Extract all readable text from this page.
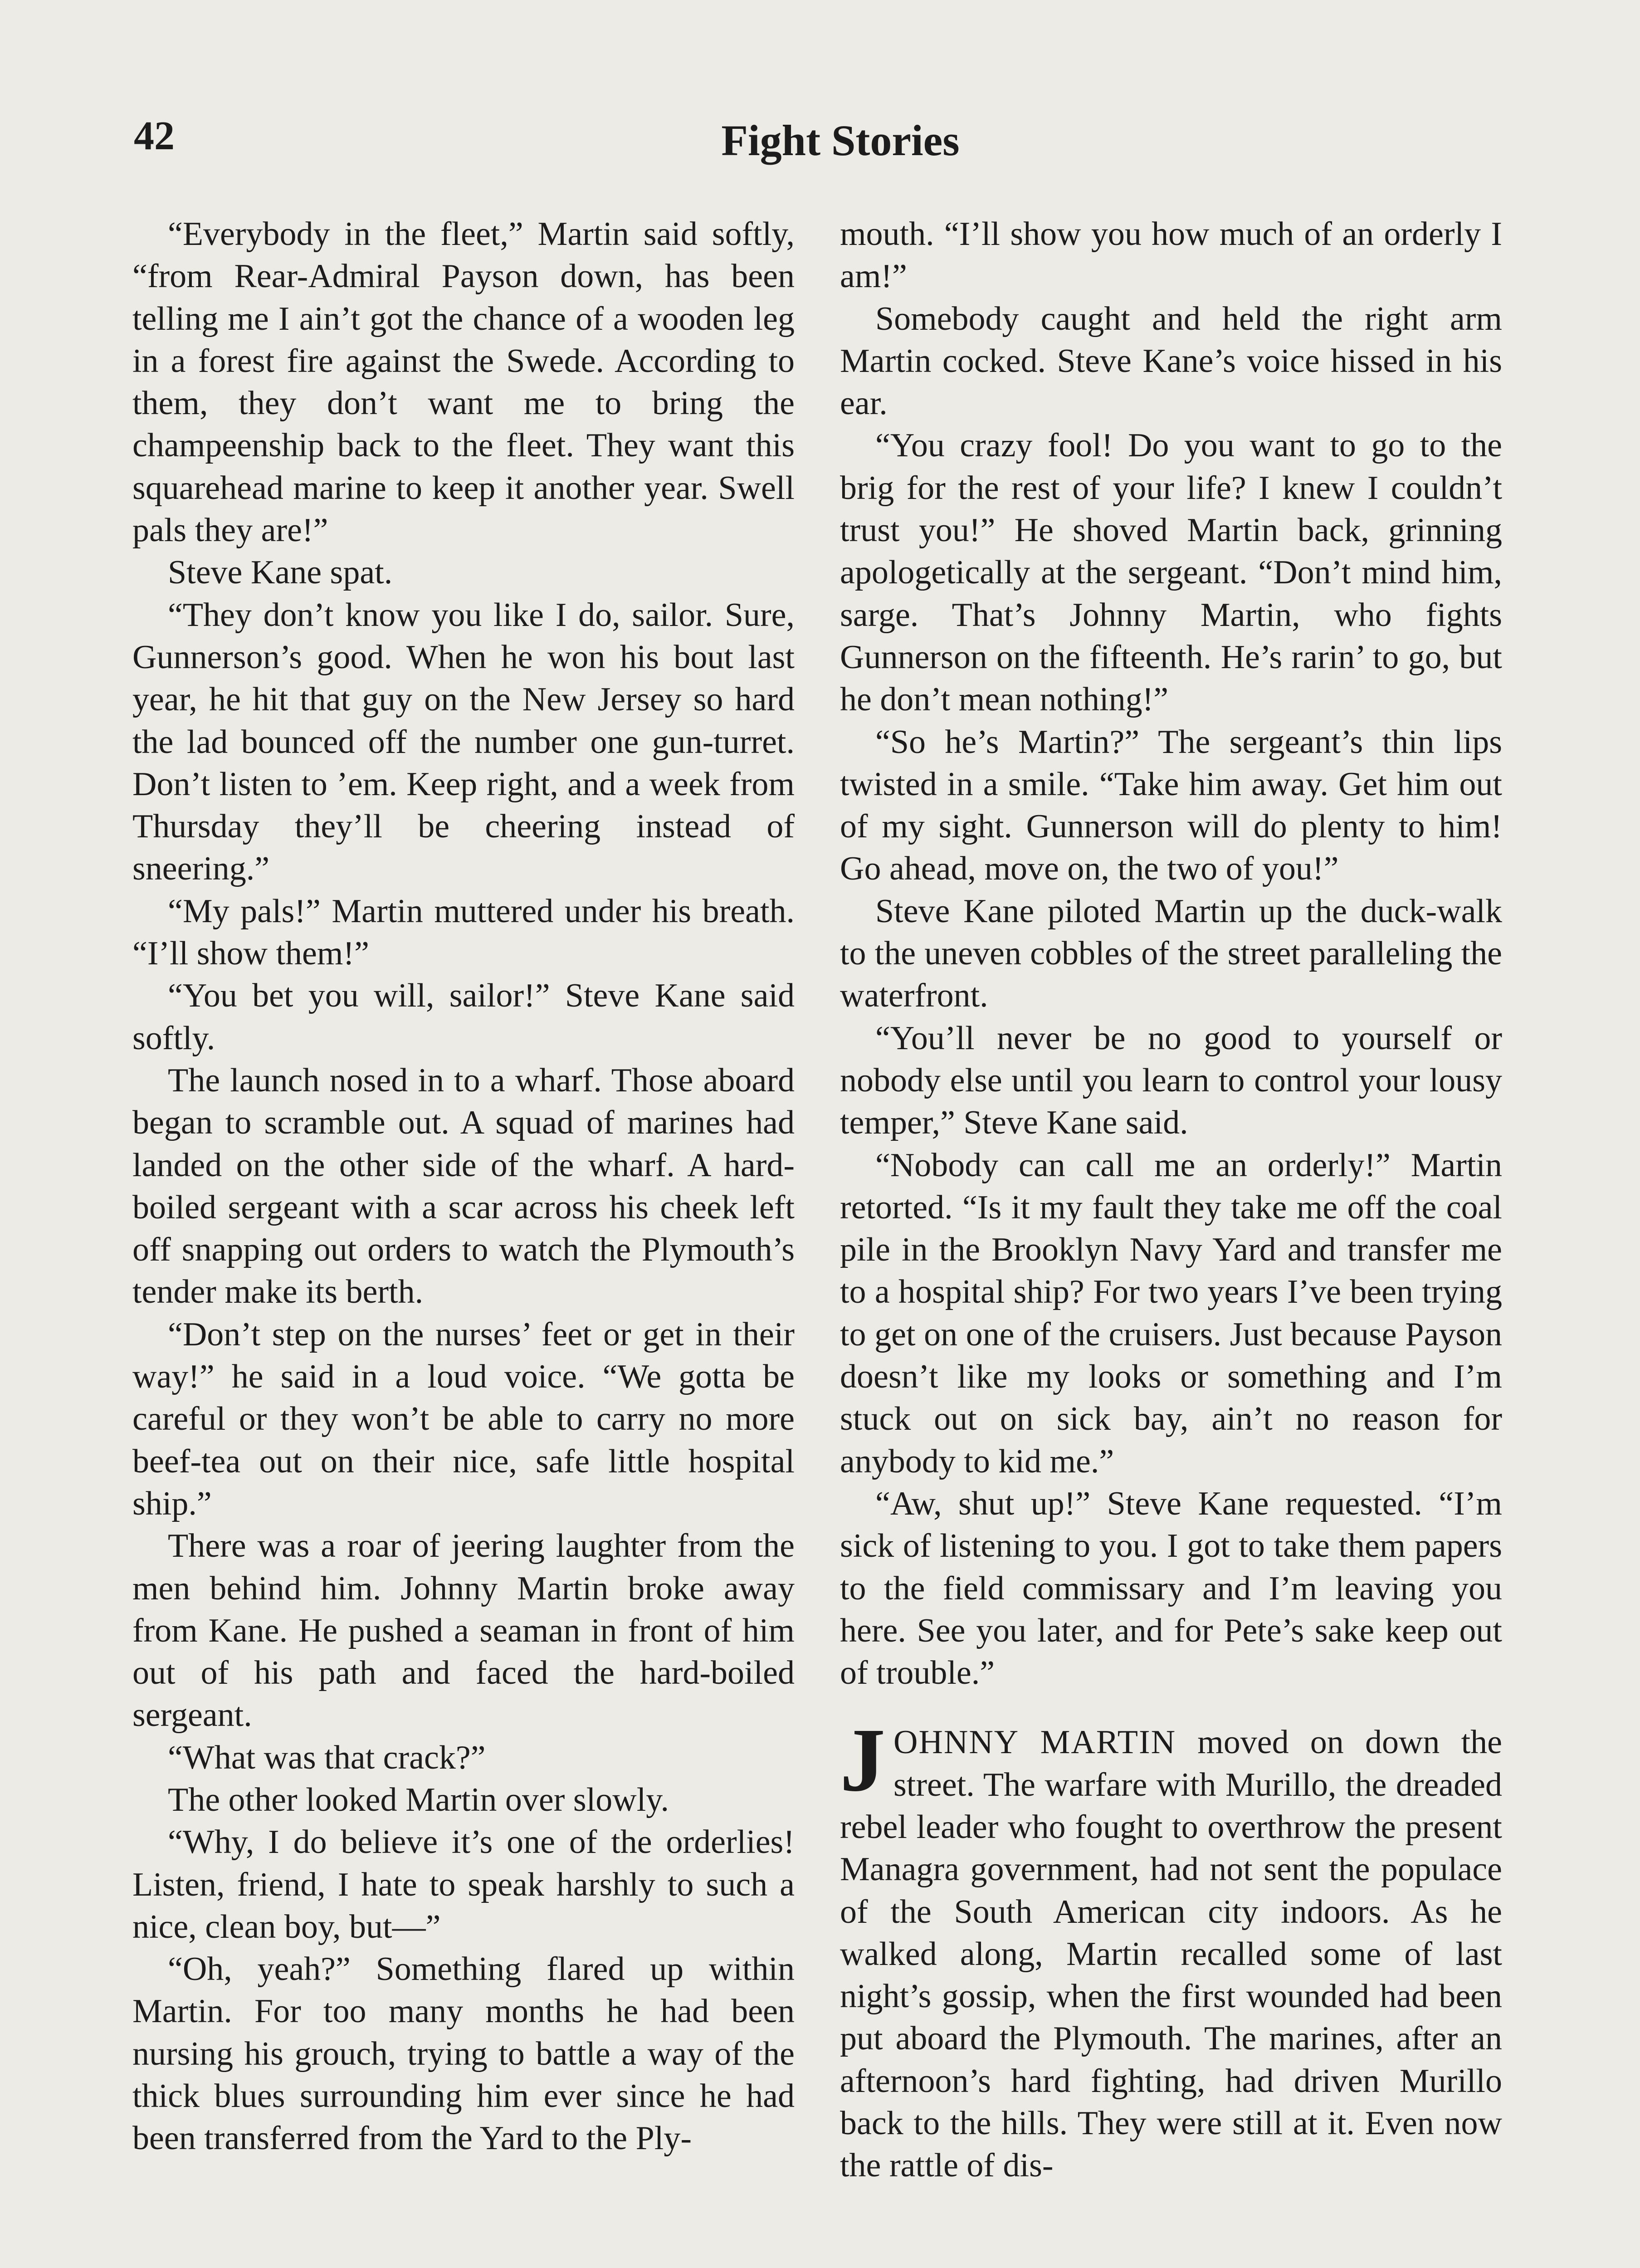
42	Fight Stories

“Everybody in the fleet,” Martin said softly, “from Rear-Admiral Payson down, has been telling me I ain’t got the chance of a wooden leg in a forest fire against the Swede. According to them, they don’t want me to bring the champeenship back to the fleet. They want this squarehead marine to keep it another year. Swell pals they are!”

Steve Kane spat.

“They don’t know you like I do, sailor. Sure, Gunnerson’s good. When he won his bout last year, he hit that guy on the New Jersey so hard the lad bounced off the number one gun-turret. Don’t listen to ’em. Keep right, and a week from Thursday they’ll be cheering instead of sneering.”

“My pals!” Martin muttered under his breath. “I’ll show them!”

“You bet you will, sailor!” Steve Kane said softly.

The launch nosed in to a wharf. Those aboard began to scramble out. A squad of marines had landed on the other side of the wharf. A hard-boiled sergeant with a scar across his cheek left off snapping out orders to watch the Plymouth’s tender make its berth.

“Don’t step on the nurses’ feet or get in their way!” he said in a loud voice. “We gotta be careful or they won’t be able to carry no more beef-tea out on their nice, safe little hospital ship.”

There was a roar of jeering laughter from the men behind him. Johnny Martin broke away from Kane. He pushed a seaman in front of him out of his path and faced the hard-boiled sergeant.

“What was that crack?”

The other looked Martin over slowly.

“Why, I do believe it’s one of the orderlies! Listen, friend, I hate to speak harshly to such a nice, clean boy, but—”

“Oh, yeah?” Something flared up within Martin. For too many months he had been nursing his grouch, trying to battle a way of the thick blues surrounding him ever since he had been transferred from the Yard to the Ply-

mouth. “I’ll show you how much of an orderly I am!”

Somebody caught and held the right arm Martin cocked. Steve Kane’s voice hissed in his ear.

“You crazy fool! Do you want to go to the brig for the rest of your life? I knew I couldn’t trust you!” He shoved Martin back, grinning apologetically at the sergeant. “Don’t mind him, sarge. That’s Johnny Martin, who fights Gunnerson on the fifteenth. He’s rarin’ to go, but he don’t mean nothing!”

“So he’s Martin?” The sergeant’s thin lips twisted in a smile. “Take him away. Get him out of my sight. Gunnerson will do plenty to him! Go ahead, move on, the two of you!”

Steve Kane piloted Martin up the duck-walk to the uneven cobbles of the street paralleling the waterfront.

“You’ll never be no good to yourself or nobody else until you learn to control your lousy temper,” Steve Kane said.

“Nobody can call me an orderly!” Martin retorted. “Is it my fault they take me off the coal pile in the Brooklyn Navy Yard and transfer me to a hospital ship? For two years I’ve been trying to get on one of the cruisers. Just because Payson doesn’t like my looks or something and I’m stuck out on sick bay, ain’t no reason for anybody to kid me.”

“Aw, shut up!” Steve Kane requested. “I’m sick of listening to you. I got to take them papers to the field commissary and I’m leaving you here. See you later, and for Pete’s sake keep out of trouble.”

JOHNNY MARTIN moved on down the street. The warfare with Murillo, the dreaded rebel leader who fought to overthrow the present Managra government, had not sent the populace of the South American city indoors. As he walked along, Martin recalled some of last night’s gossip, when the first wounded had been put aboard the Plymouth. The marines, after an afternoon’s hard fighting, had driven Murillo back to the hills. They were still at it. Even now the rattle of dis-
